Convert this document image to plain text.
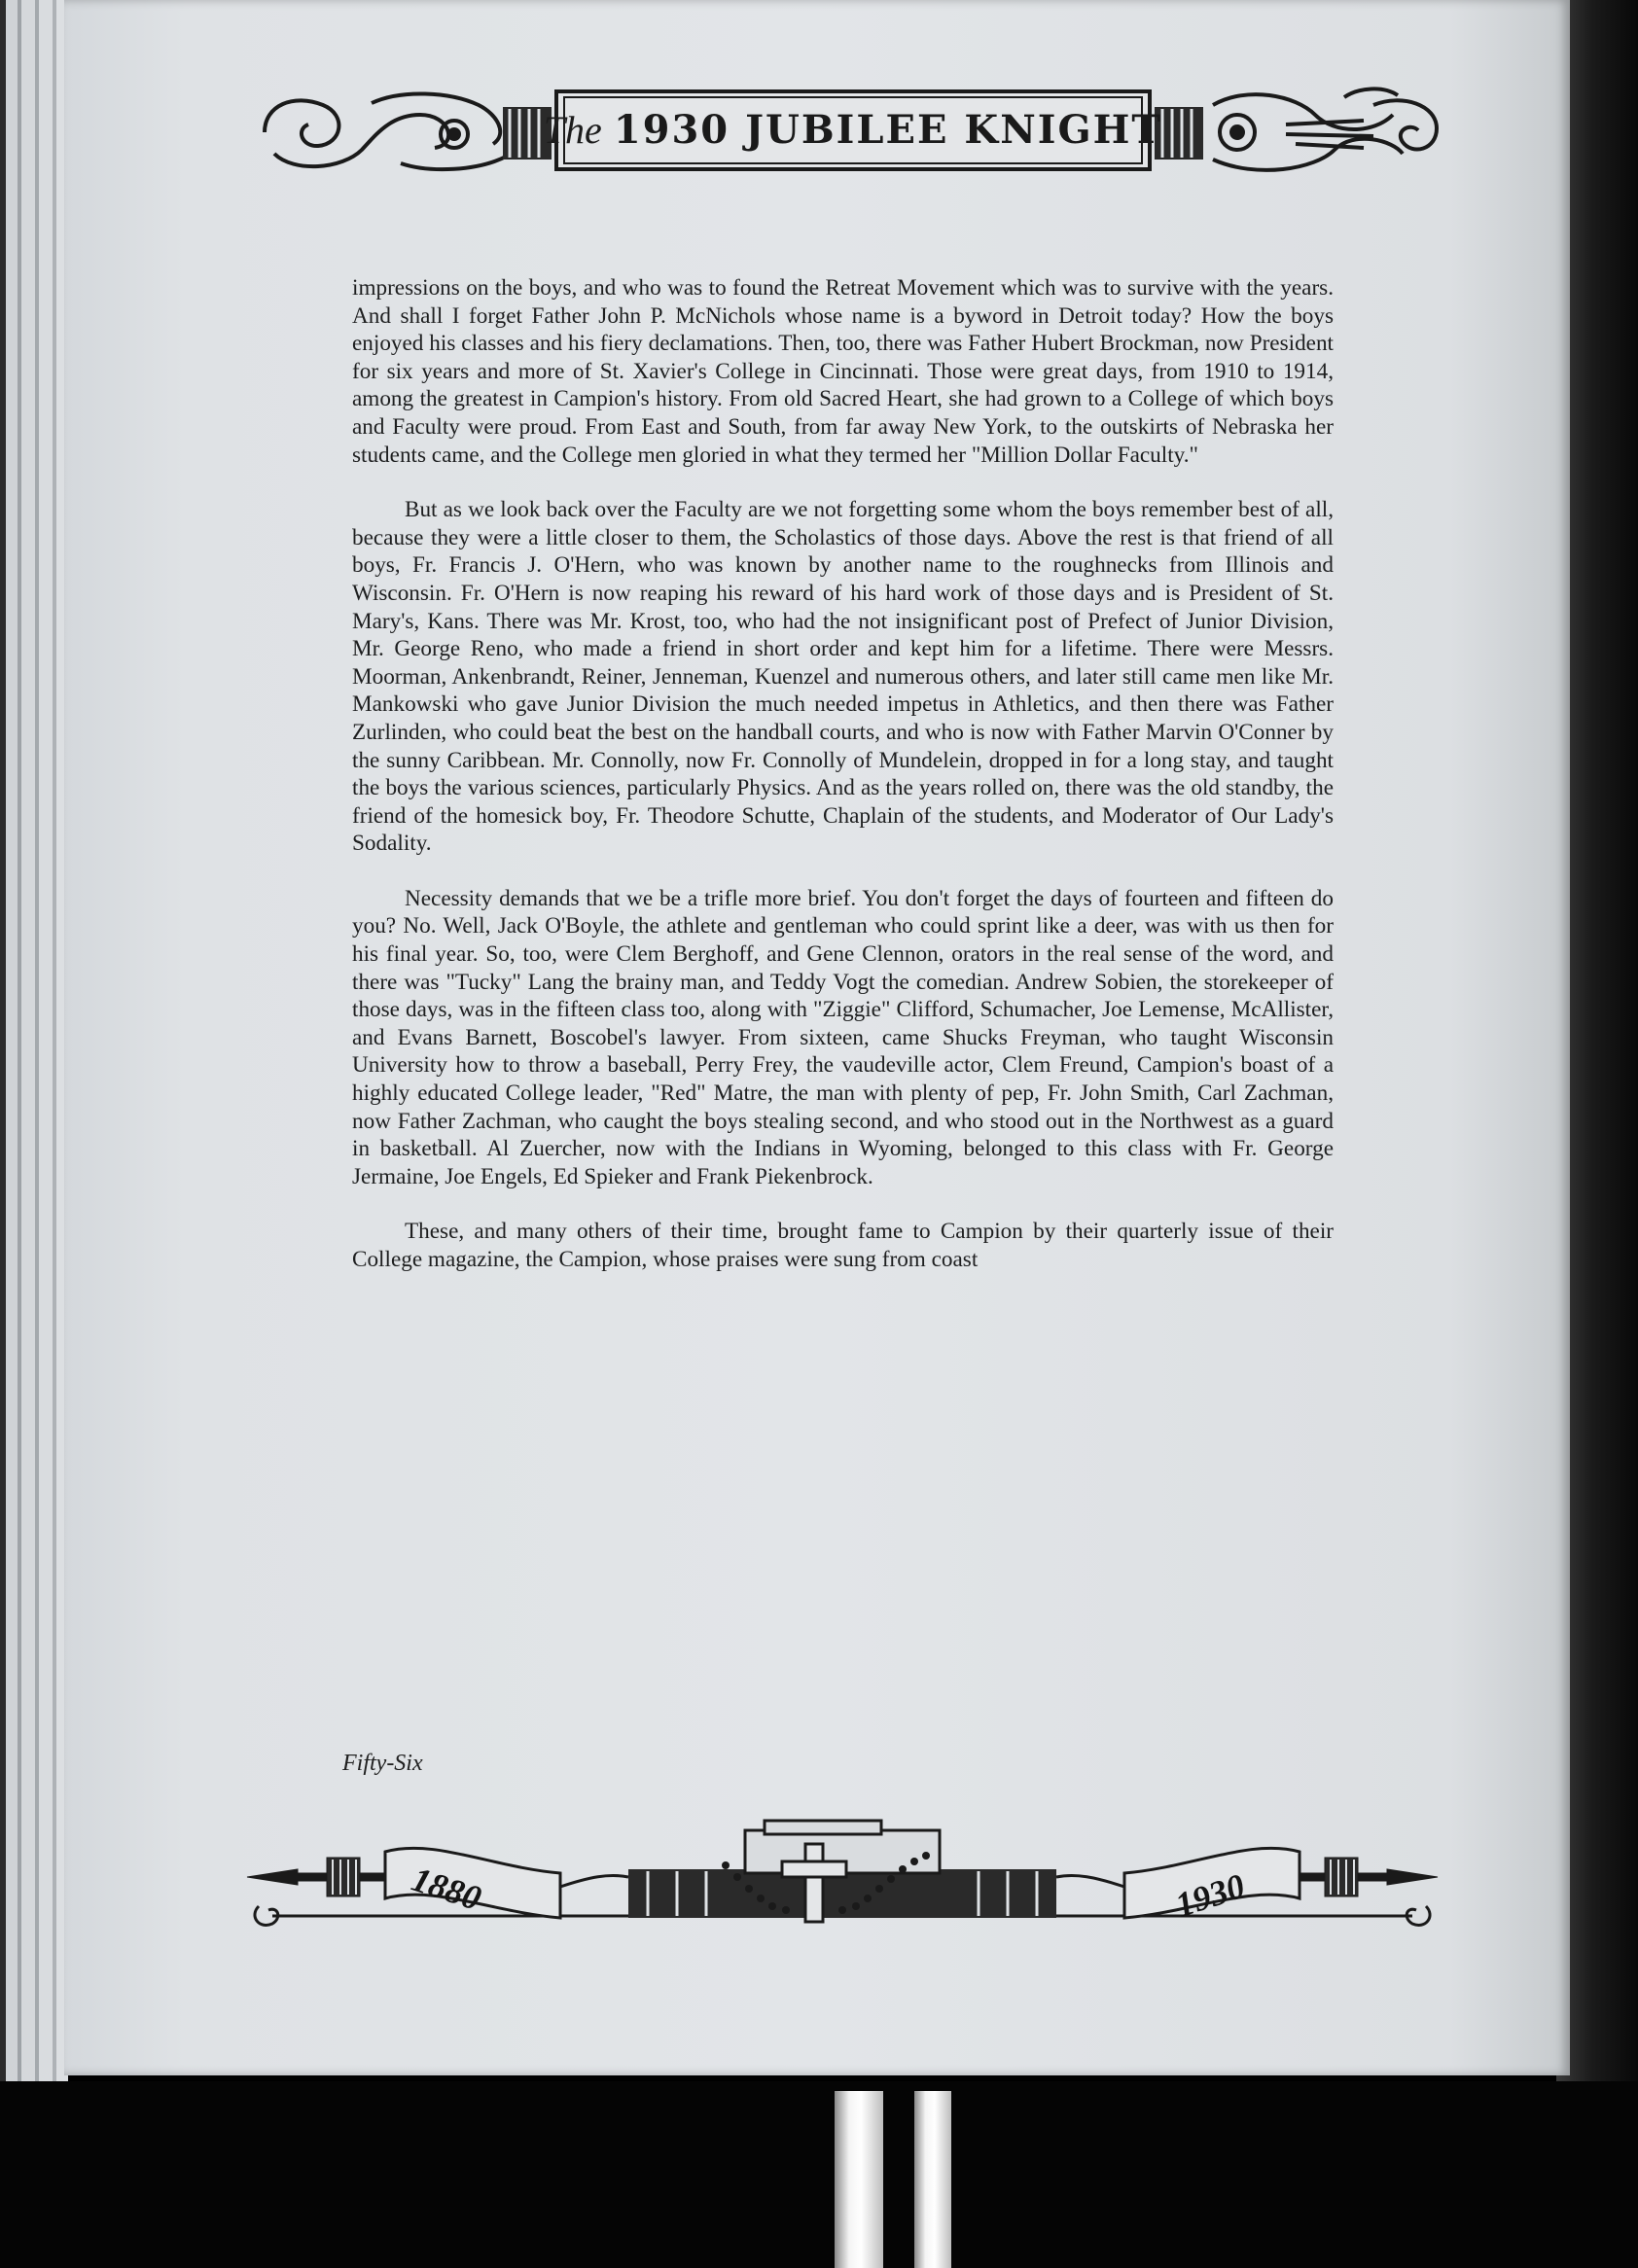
The 1930 JUBILEE KNIGHT

impressions on the boys, and who was to found the Retreat Movement which was to survive with the years. And shall I forget Father John P. McNichols whose name is a byword in Detroit today? How the boys enjoyed his classes and his fiery declamations. Then, too, there was Father Hubert Brockman, now President for six years and more of St. Xavier's College in Cincinnati. Those were great days, from 1910 to 1914, among the greatest in Campion's history. From old Sacred Heart, she had grown to a College of which boys and Faculty were proud. From East and South, from far away New York, to the outskirts of Nebraska her students came, and the College men gloried in what they termed her "Million Dollar Faculty."

But as we look back over the Faculty are we not forgetting some whom the boys remember best of all, because they were a little closer to them, the Scholastics of those days. Above the rest is that friend of all boys, Fr. Francis J. O'Hern, who was known by another name to the roughnecks from Illinois and Wisconsin. Fr. O'Hern is now reaping his reward of his hard work of those days and is President of St. Mary's, Kans. There was Mr. Krost, too, who had the not insignificant post of Prefect of Junior Division, Mr. George Reno, who made a friend in short order and kept him for a lifetime. There were Messrs. Moorman, Ankenbrandt, Reiner, Jenneman, Kuenzel and numerous others, and later still came men like Mr. Mankowski who gave Junior Division the much needed impetus in Athletics, and then there was Father Zurlinden, who could beat the best on the handball courts, and who is now with Father Marvin O'Conner by the sunny Caribbean. Mr. Connolly, now Fr. Connolly of Mundelein, dropped in for a long stay, and taught the boys the various sciences, particularly Physics. And as the years rolled on, there was the old standby, the friend of the homesick boy, Fr. Theodore Schutte, Chaplain of the students, and Moderator of Our Lady's Sodality.

Necessity demands that we be a trifle more brief. You don't forget the days of fourteen and fifteen do you? No. Well, Jack O'Boyle, the athlete and gentleman who could sprint like a deer, was with us then for his final year. So, too, were Clem Berghoff, and Gene Clennon, orators in the real sense of the word, and there was "Tucky" Lang the brainy man, and Teddy Vogt the comedian. Andrew Sobien, the storekeeper of those days, was in the fifteen class too, along with "Ziggie" Clifford, Schumacher, Joe Lemense, McAllister, and Evans Barnett, Boscobel's lawyer. From sixteen, came Shucks Freyman, who taught Wisconsin University how to throw a baseball, Perry Frey, the vaudeville actor, Clem Freund, Campion's boast of a highly educated College leader, "Red" Matre, the man with plenty of pep, Fr. John Smith, Carl Zachman, now Father Zachman, who caught the boys stealing second, and who stood out in the Northwest as a guard in basketball. Al Zuercher, now with the Indians in Wyoming, belonged to this class with Fr. George Jermaine, Joe Engels, Ed Spieker and Frank Piekenbrock.

These, and many others of their time, brought fame to Campion by their quarterly issue of their College magazine, the Campion, whose praises were sung from coast

Fifty-Six
1880	1930
